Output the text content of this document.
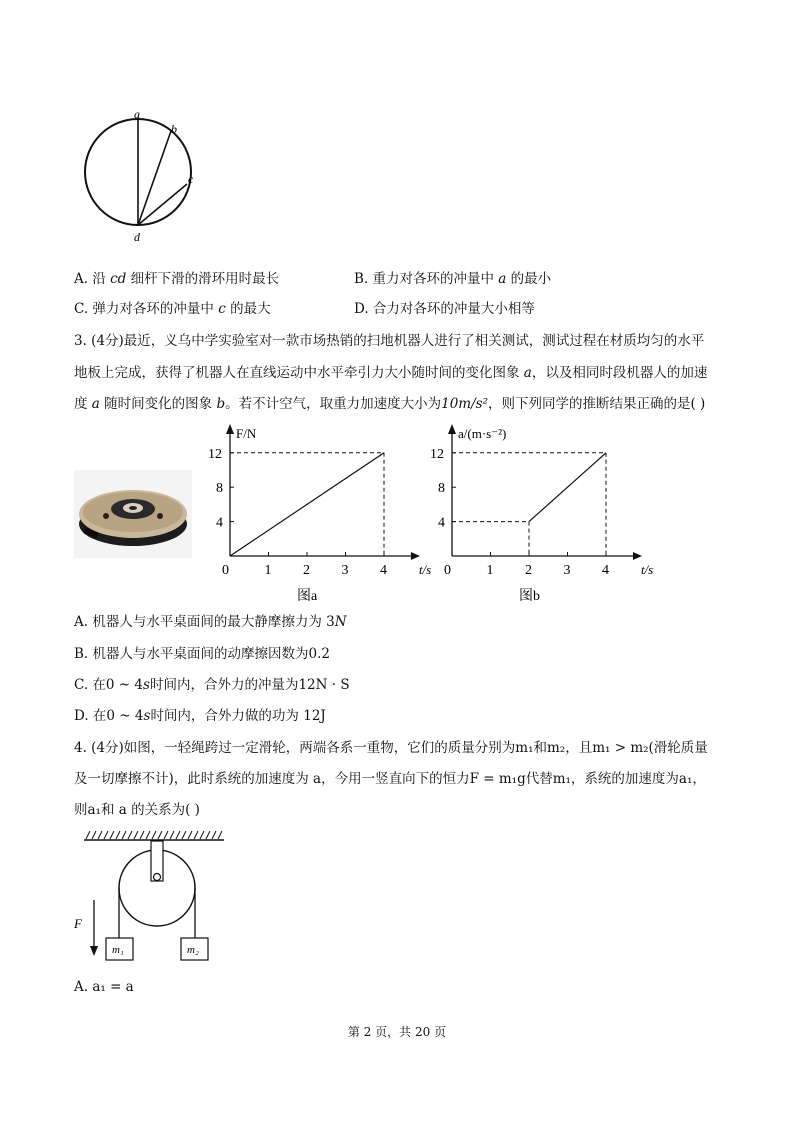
a
b
c
d
A. 沿 cd 细杆下滑的滑环用时最长	B. 重力对各环的冲量中 a 的最小
C. 弹力对各环的冲量中 c 的最大	D. 合力对各环的冲量大小相等
3. (4分)最近，义乌中学实验室对一款市场热销的扫地机器人进行了相关测试，测试过程在材质均匀的水平
地板上完成，获得了机器人在直线运动中水平牵引力大小随时间的变化图象 a，以及相同时段机器人的加速
度 a 随时间变化的图象 b。若不计空气，取重力加速度大小为10m/s²，则下列同学的推断结果正确的是( )
0	1 2 3 4
4
8
12
F/N
t/s
图a
0	1 2 3 4
4
8
12
a/(m·s⁻²)
t/s
图b
A. 机器人与水平桌面间的最大静摩擦力为 3N
B. 机器人与水平桌面间的动摩擦因数为0.2
C. 在0 ~ 4s时间内，合外力的冲量为12N · S
D. 在0 ~ 4s时间内，合外力做的功为 12J
4. (4分)如图，一轻绳跨过一定滑轮，两端各系一重物，它们的质量分别为m₁和m₂，且m₁ > m₂(滑轮质量
及一切摩擦不计)，此时系统的加速度为 a，今用一竖直向下的恒力F = m₁g代替m₁，系统的加速度为a₁，
则a₁和 a 的关系为( )
m₁	m₂
F
A. a₁ = a
第 2 页，共 20 页
